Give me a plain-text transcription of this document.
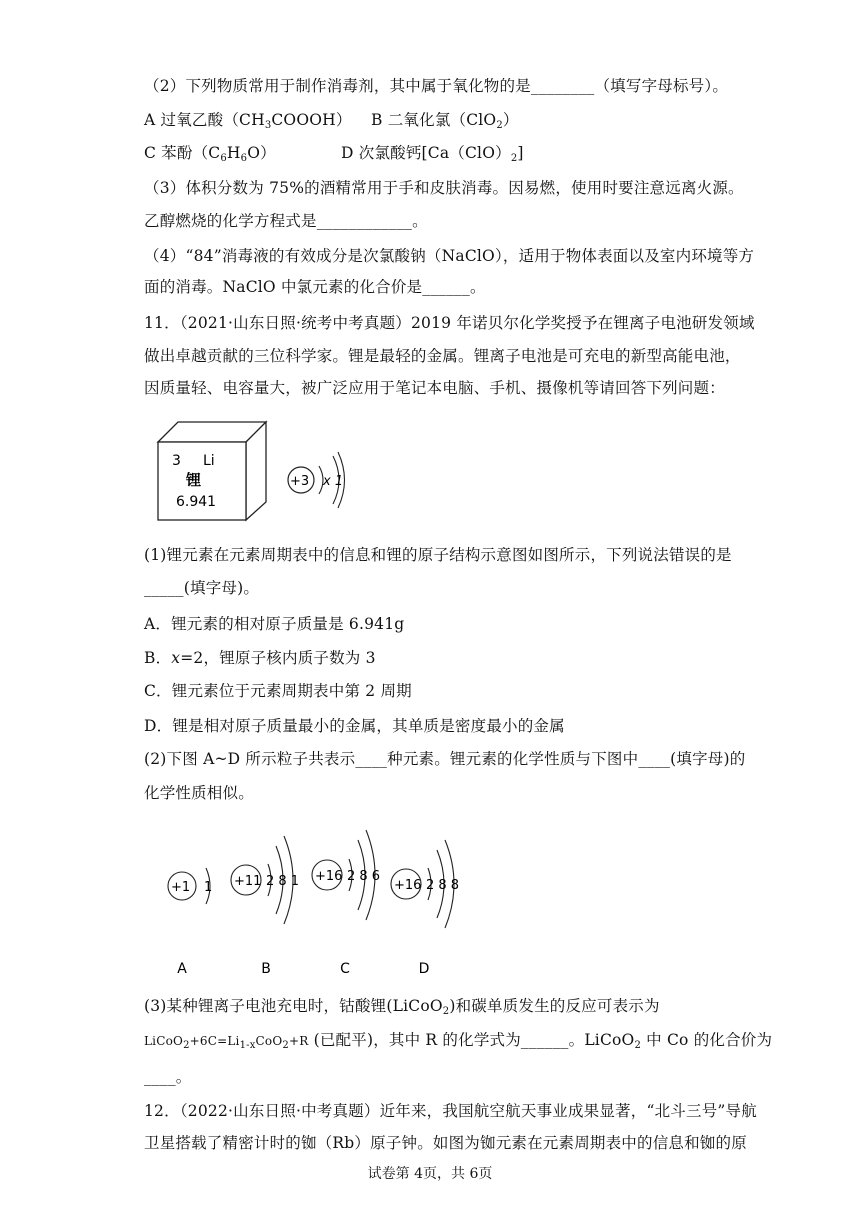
（2）下列物质常用于制作消毒剂，其中属于氧化物的是________（填写字母标号）。
A 过氧乙酸$(CH_3COOOH)$ B 二氧化氯（ClO$_2$）
C 苯酚$(C_6H_6O)$	D 次氯酸钙$[Ca(ClO)_2]$
（3）体积分数为 75%的酒精常用于手和皮肤消毒。因易燃，使用时要注意远离火源。
乙醇燃烧的化学方程式是____________。
（4）“84”消毒液的有效成分是次氯酸钠（NaClO），适用于物体表面以及室内环境等方
面的消毒。NaClO 中氯元素的化合价是______。
11．（2021·山东日照·统考中考真题）2019 年诺贝尔化学奖授予在锂离子电池研发领域
做出卓越贡献的三位科学家。锂是最轻的金属。锂离子电池是可充电的新型高能电池，
因质量轻、电容量大，被广泛应用于笔记本电脑、手机、摄像机等请回答下列问题：
3 Li
锂
6.941
+3 x 1
(1)锂元素在元素周期表中的信息和锂的原子结构示意图如图所示，下列说法错误的是
_____(填字母)。
A．锂元素的相对原子质量是 6.941g
B．x=2，锂原子核内质子数为 3
C．锂元素位于元素周期表中第 2 周期
D．锂是相对原子质量最小的金属，其单质是密度最小的金属
(2)下图 A~D 所示粒子共表示____种元素。锂元素的化学性质与下图中____(填字母)的
化学性质相似。
+1 1 +11 2 8 1 +16 2 8 6
+16 2 8 8
A	B	C	D
(3)某种锂离子电池充电时，钴酸锂(LiCoO$_2$)和碳单质发生的反应可表示为
$LiCoO_2+6C=Li_{1-x}CoO_2+R$ (已配平)，其中 R 的化学式为______。LiCoO$_2$ 中 Co 的化合价为
____。
12．（2022·山东日照·中考真题）近年来，我国航空航天事业成果显著，“北斗三号”导航
卫星搭载了精密计时的铷（Rb）原子钟。如图为铷元素在元素周期表中的信息和铷的原
试卷第 4页，共 6页
